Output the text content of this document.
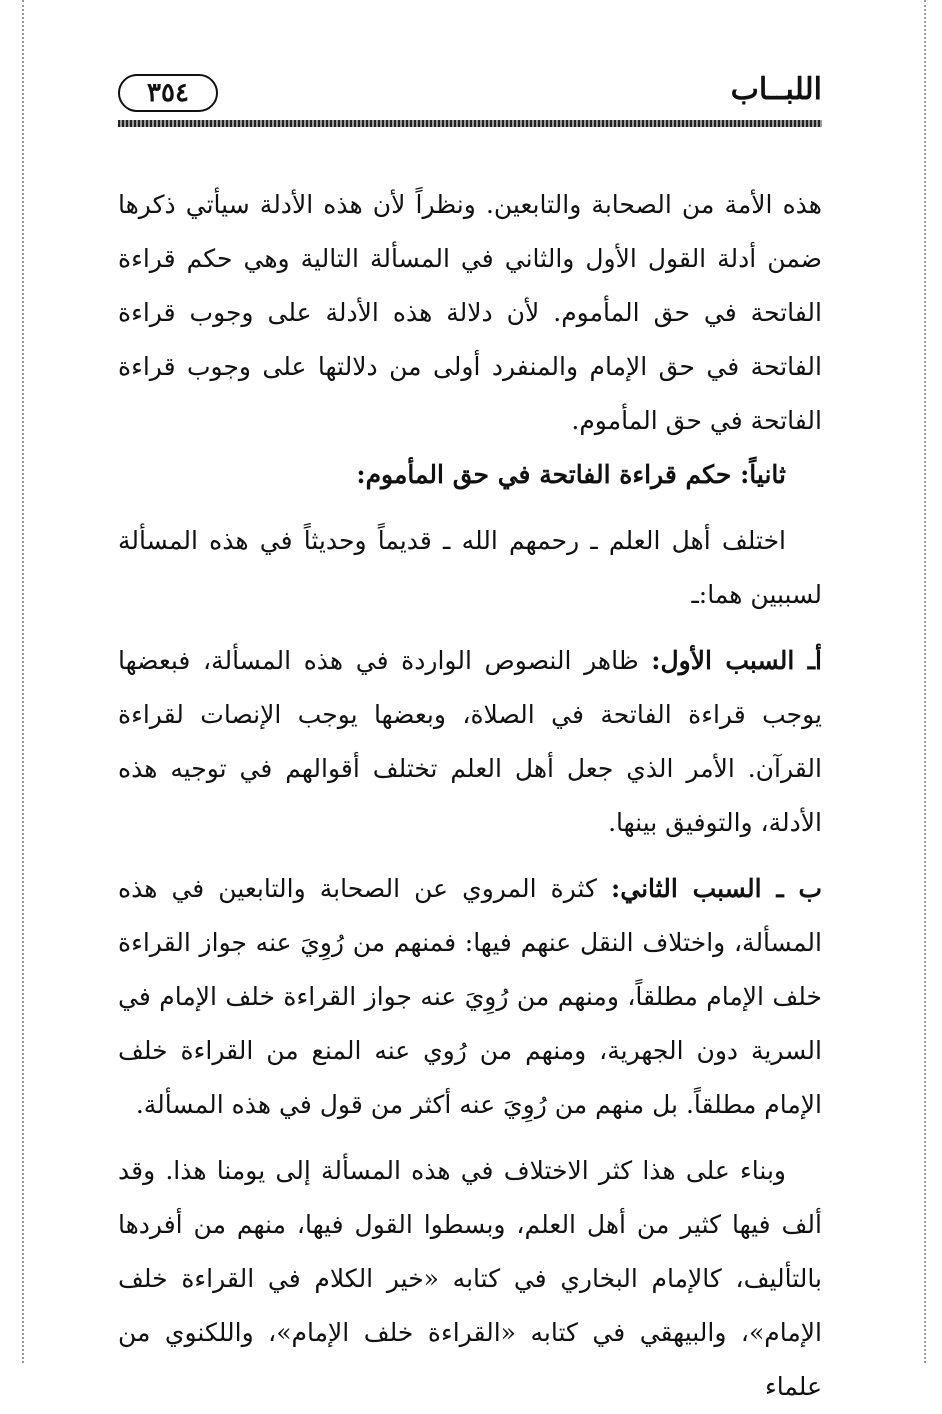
٣٥٤	اللبــاب

هذه الأمة من الصحابة والتابعين. ونظراً لأن هذه الأدلة سيأتي ذكرها ضمن أدلة القول الأول والثاني في المسألة التالية وهي حكم قراءة الفاتحة في حق المأموم. لأن دلالة هذه الأدلة على وجوب قراءة الفاتحة في حق الإمام والمنفرد أولى من دلالتها على وجوب قراءة الفاتحة في حق المأموم.

ثانياً: حكم قراءة الفاتحة في حق المأموم:

اختلف أهل العلم ـ رحمهم الله ـ قديماً وحديثاً في هذه المسألة لسببين هما:ـ

أـ السبب الأول: ظاهر النصوص الواردة في هذه المسألة، فبعضها يوجب قراءة الفاتحة في الصلاة، وبعضها يوجب الإنصات لقراءة القرآن. الأمر الذي جعل أهل العلم تختلف أقوالهم في توجيه هذه الأدلة، والتوفيق بينها.

ب ـ السبب الثاني: كثرة المروي عن الصحابة والتابعين في هذه المسألة، واختلاف النقل عنهم فيها: فمنهم من رُوِيَ عنه جواز القراءة خلف الإمام مطلقاً، ومنهم من رُوِيَ عنه جواز القراءة خلف الإمام في السرية دون الجهرية، ومنهم من رُوي عنه المنع من القراءة خلف الإمام مطلقاً. بل منهم من رُوِيَ عنه أكثر من قول في هذه المسألة.

وبناء على هذا كثر الاختلاف في هذه المسألة إلى يومنا هذا. وقد ألف فيها كثير من أهل العلم، وبسطوا القول فيها، منهم من أفردها بالتأليف، كالإمام البخاري في كتابه «خير الكلام في القراءة خلف الإمام»، والبيهقي في كتابه «القراءة خلف الإمام»، واللكنوي من علماء
